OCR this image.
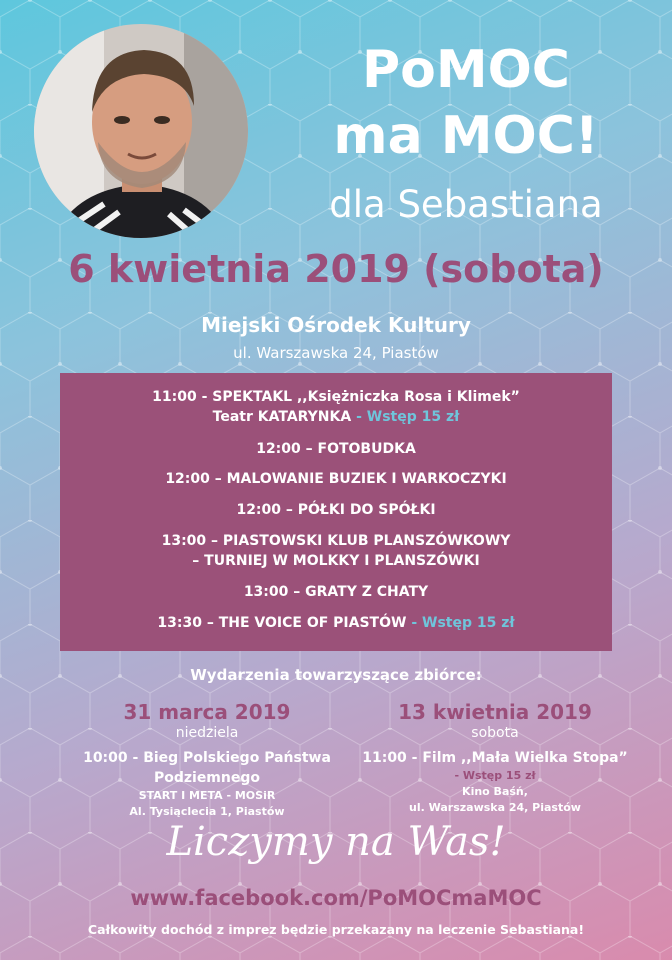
PoMOC
ma MOC!
dla Sebastiana
6 kwietnia 2019 (sobota)
Miejski Ośrodek Kultury
ul. Warszawska 24, Piastów
11:00 - SPEKTAKL ,,Księżniczka Rosa i Klimek”
Teatr KATARYNKA - Wstęp 15 zł
12:00 – FOTOBUDKA
12:00 – MALOWANIE BUZIEK I WARKOCZYKI
12:00 – PÓŁKI DO SPÓŁKI
13:00 – PIASTOWSKI KLUB PLANSZÓWKOWY
– TURNIEJ W MOLKKY I PLANSZÓWKI
13:00 – GRATY Z CHATY
13:30 – THE VOICE OF PIASTÓW - Wstęp 15 zł
Wydarzenia towarzyszące zbiórce:
31 marca 2019
niedziela
10:00 - Bieg Polskiego Państwa
Podziemnego
START I META - MOSiR
Al. Tysiąclecia 1, Piastów
13 kwietnia 2019
sobota
11:00 - Film ,,Mała Wielka Stopa”
- Wstęp 15 zł
Kino Baśń,
ul. Warszawska 24, Piastów
Liczymy na Was!
www.facebook.com/PoMOCmaMOC
Całkowity dochód z imprez będzie przekazany na leczenie Sebastiana!
